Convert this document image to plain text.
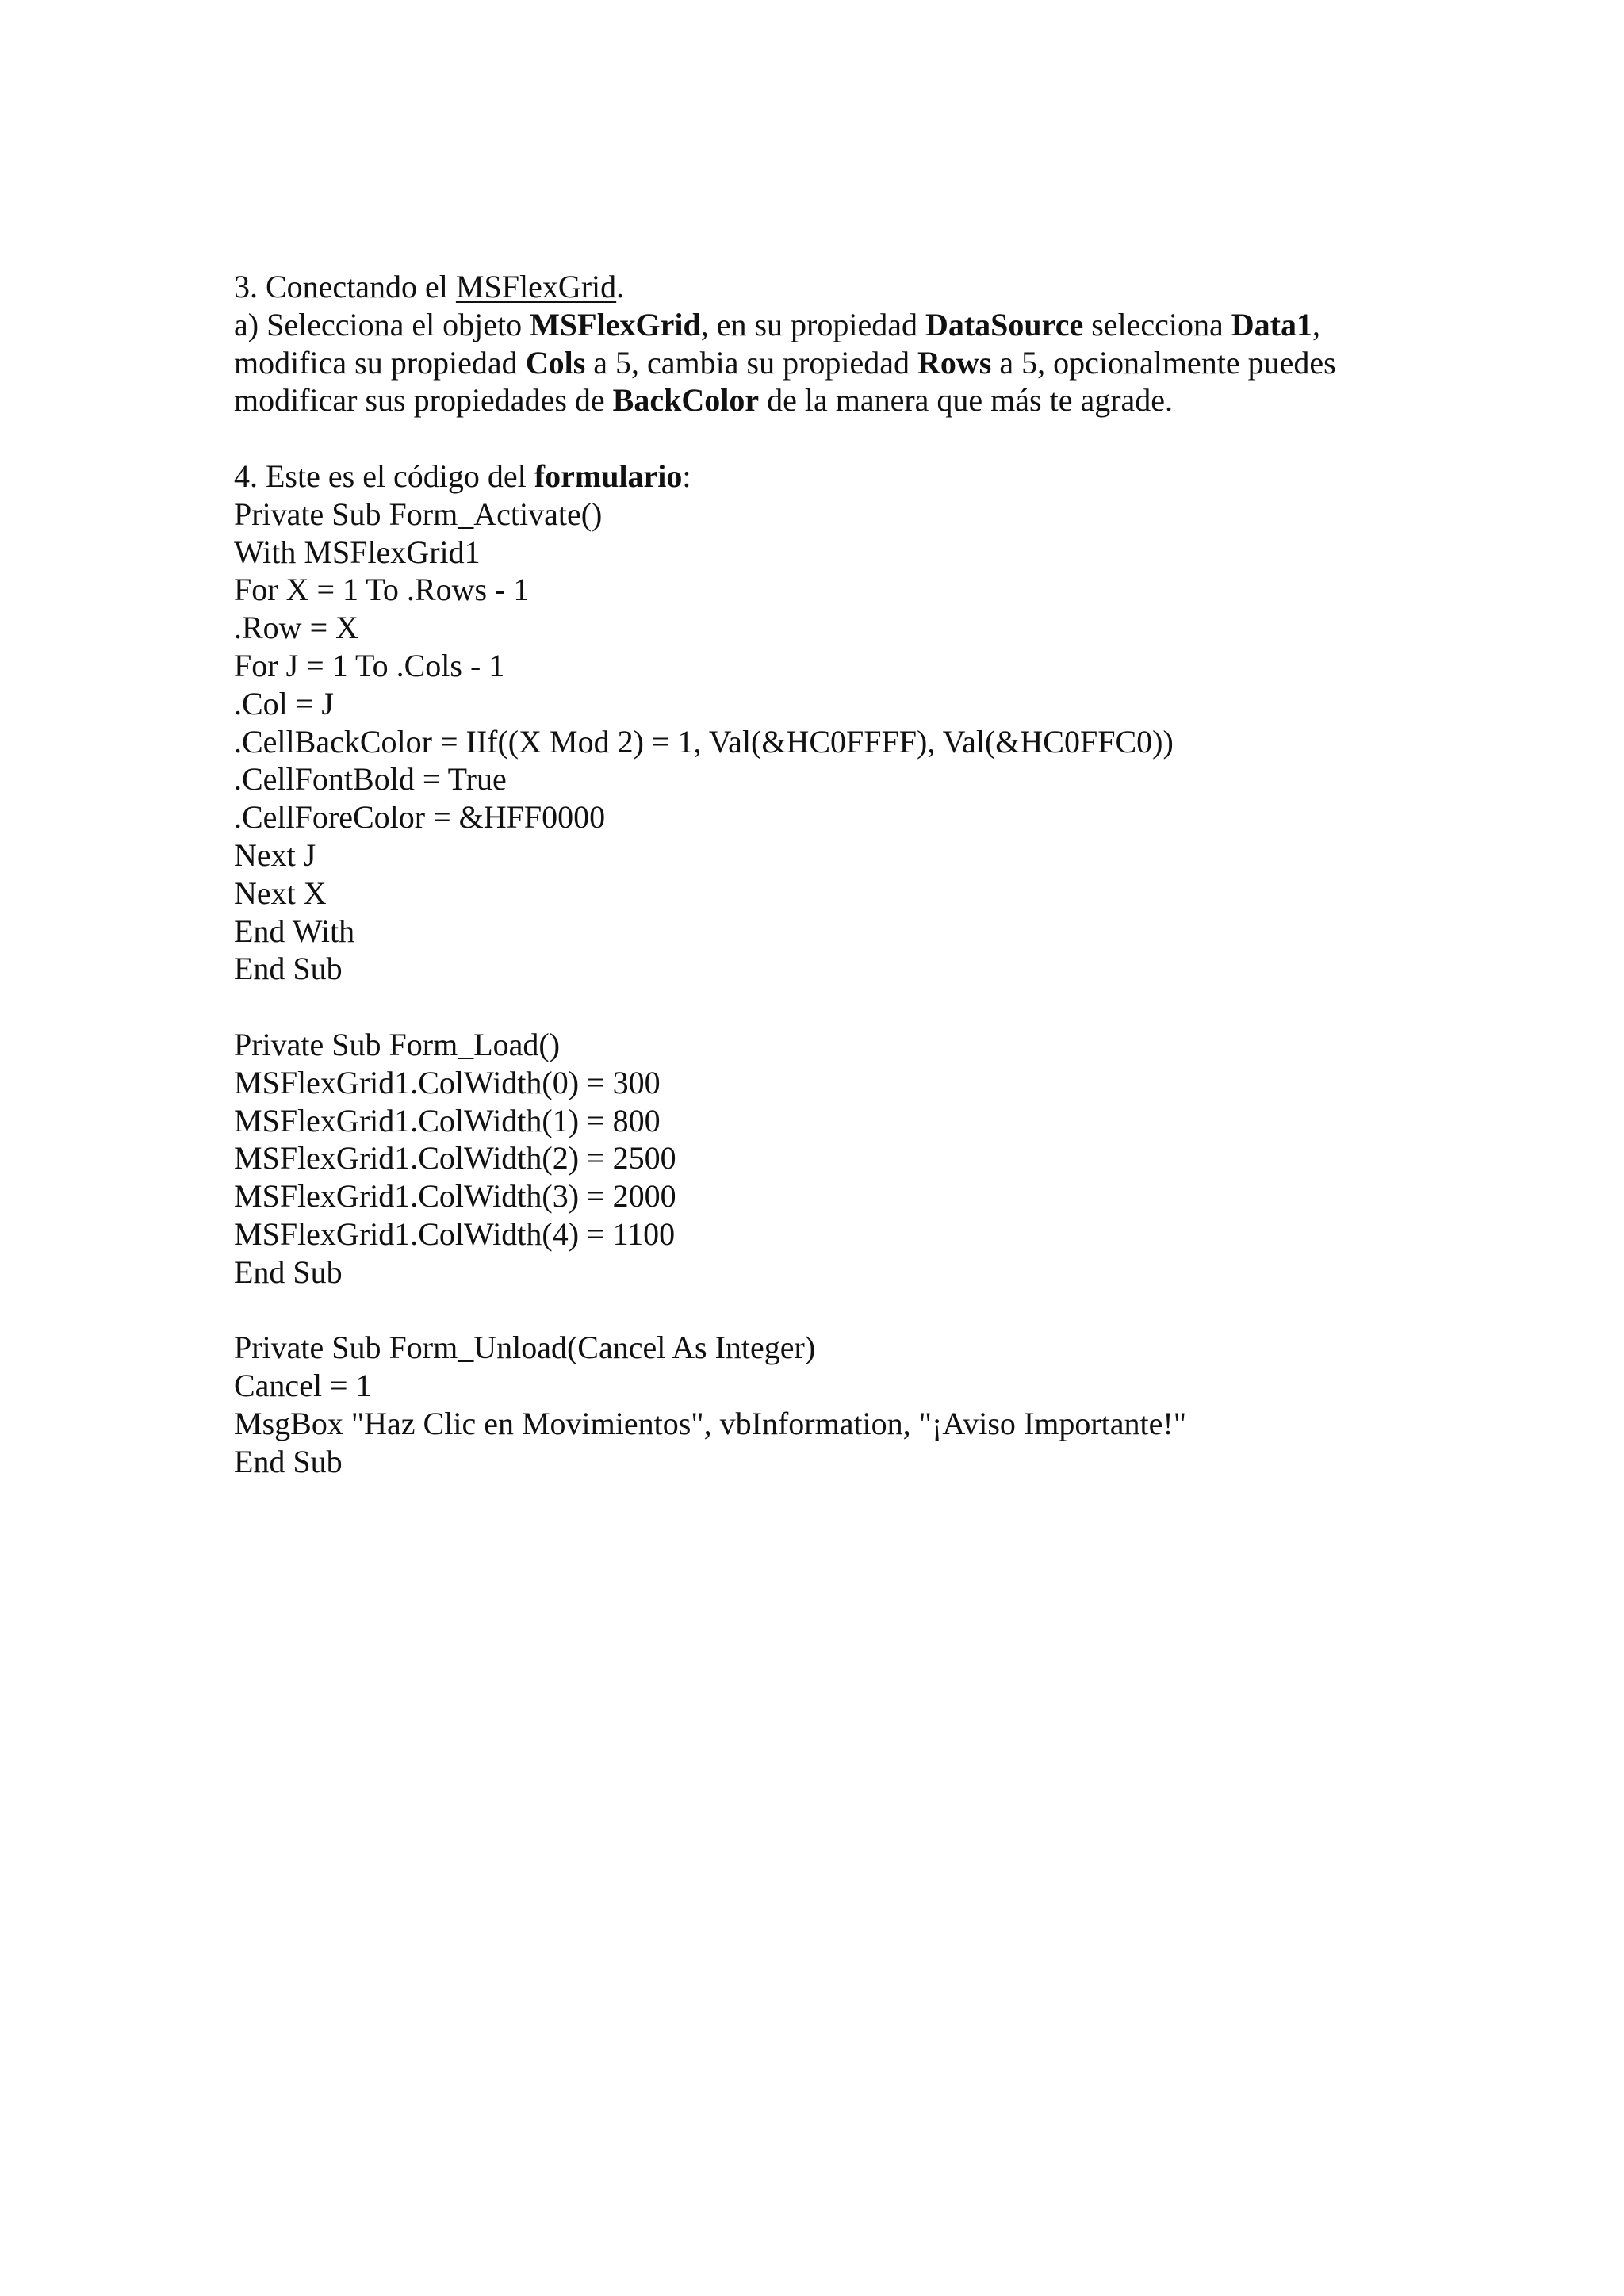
3. Conectando el MSFlexGrid.
a) Selecciona el objeto MSFlexGrid, en su propiedad DataSource selecciona Data1,
modifica su propiedad Cols a 5, cambia su propiedad Rows a 5, opcionalmente puedes
modificar sus propiedades de BackColor de la manera que más te agrade.
4. Este es el código del formulario:
Private Sub Form_Activate()
With MSFlexGrid1
For X = 1 To .Rows - 1
.Row = X
For J = 1 To .Cols - 1
.Col = J
.CellBackColor = IIf((X Mod 2) = 1, Val(&HC0FFFF), Val(&HC0FFC0))
.CellFontBold = True
.CellForeColor = &HFF0000
Next J
Next X
End With
End Sub
Private Sub Form_Load()
MSFlexGrid1.ColWidth(0) = 300
MSFlexGrid1.ColWidth(1) = 800
MSFlexGrid1.ColWidth(2) = 2500
MSFlexGrid1.ColWidth(3) = 2000
MSFlexGrid1.ColWidth(4) = 1100
End Sub
Private Sub Form_Unload(Cancel As Integer)
Cancel = 1
MsgBox "Haz Clic en Movimientos", vbInformation, "¡Aviso Importante!"
End Sub
